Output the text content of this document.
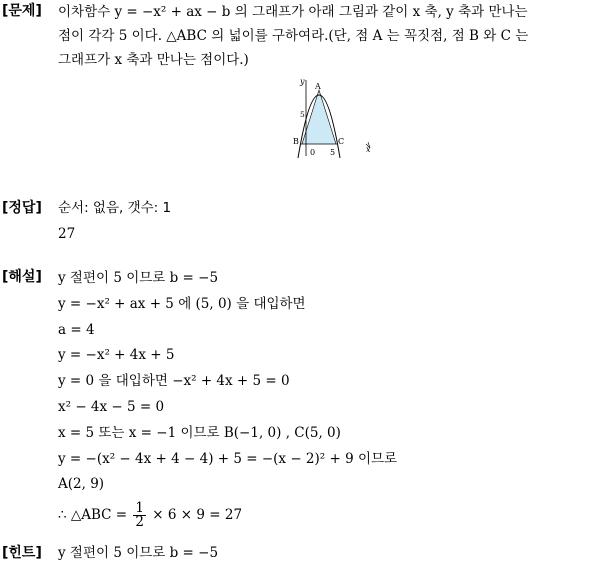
[문제] 이차함수 y = −x² + ax − b 의 그래프가 아래 그림과 같이 x 축, y 축과 만나는
점이 각각 5 이다. △ABC 의 넓이를 구하여라.(단, 점 A 는 꼭짓점, 점 B 와 C 는
그래프가 x 축과 만나는 점이다.)
y
x
A
B	C
5
0 5
[정답] 순서: 없음, 갯수: 1
27
[해설] y 절편이 5 이므로 b = −5
y = −x² + ax + 5 에 (5, 0) 을 대입하면
a = 4
y = −x² + 4x + 5
y = 0 을 대입하면 −x² + 4x + 5 = 0
x² − 4x − 5 = 0
x = 5 또는 x = −1 이므로 B(−1, 0) , C(5, 0)
y = −(x² − 4x + 4 − 4) + 5 = −(x − 2)² + 9 이므로
A(2, 9)
∴ △ABC = $\frac{1}{2} \times 6 \times 9 = 27$
[힌트] y 절편이 5 이므로 b = −5
